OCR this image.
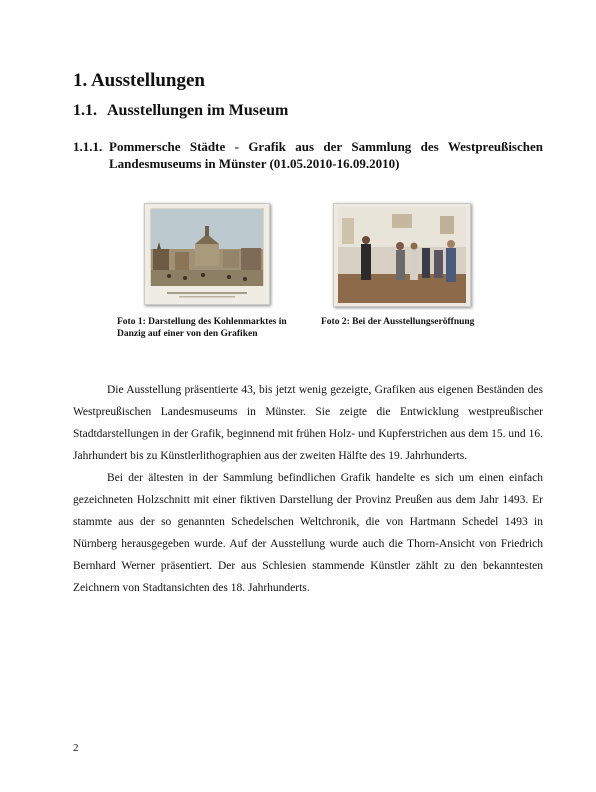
1. Ausstellungen
1.1. Ausstellungen im Museum
1.1.1. Pommersche Städte - Grafik aus der Sammlung des Westpreußischen Landesmuseums in Münster (01.05.2010-16.09.2010)

Foto 1: Darstellung des Kohlenmarktes in Danzig auf einer von den Grafiken

Foto 2: Bei der Ausstellungseröffnung

Die Ausstellung präsentierte 43, bis jetzt wenig gezeigte, Grafiken aus eigenen Beständen des Westpreußischen Landesmuseums in Münster. Sie zeigte die Entwicklung westpreußischer Stadtdarstellungen in der Grafik, beginnend mit frühen Holz- und Kupferstrichen aus dem 15. und 16. Jahrhundert bis zu Künstlerlithographien aus der zweiten Hälfte des 19. Jahrhunderts.

Bei der ältesten in der Sammlung befindlichen Grafik handelte es sich um einen einfach gezeichneten Holzschnitt mit einer fiktiven Darstellung der Provinz Preußen aus dem Jahr 1493. Er stammte aus der so genannten Schedelschen Weltchronik, die von Hartmann Schedel 1493 in Nürnberg herausgegeben wurde. Auf der Ausstellung wurde auch die Thorn-Ansicht von Friedrich Bernhard Werner präsentiert. Der aus Schlesien stammende Künstler zählt zu den bekanntesten Zeichnern von Stadtansichten des 18. Jahrhunderts.

2
